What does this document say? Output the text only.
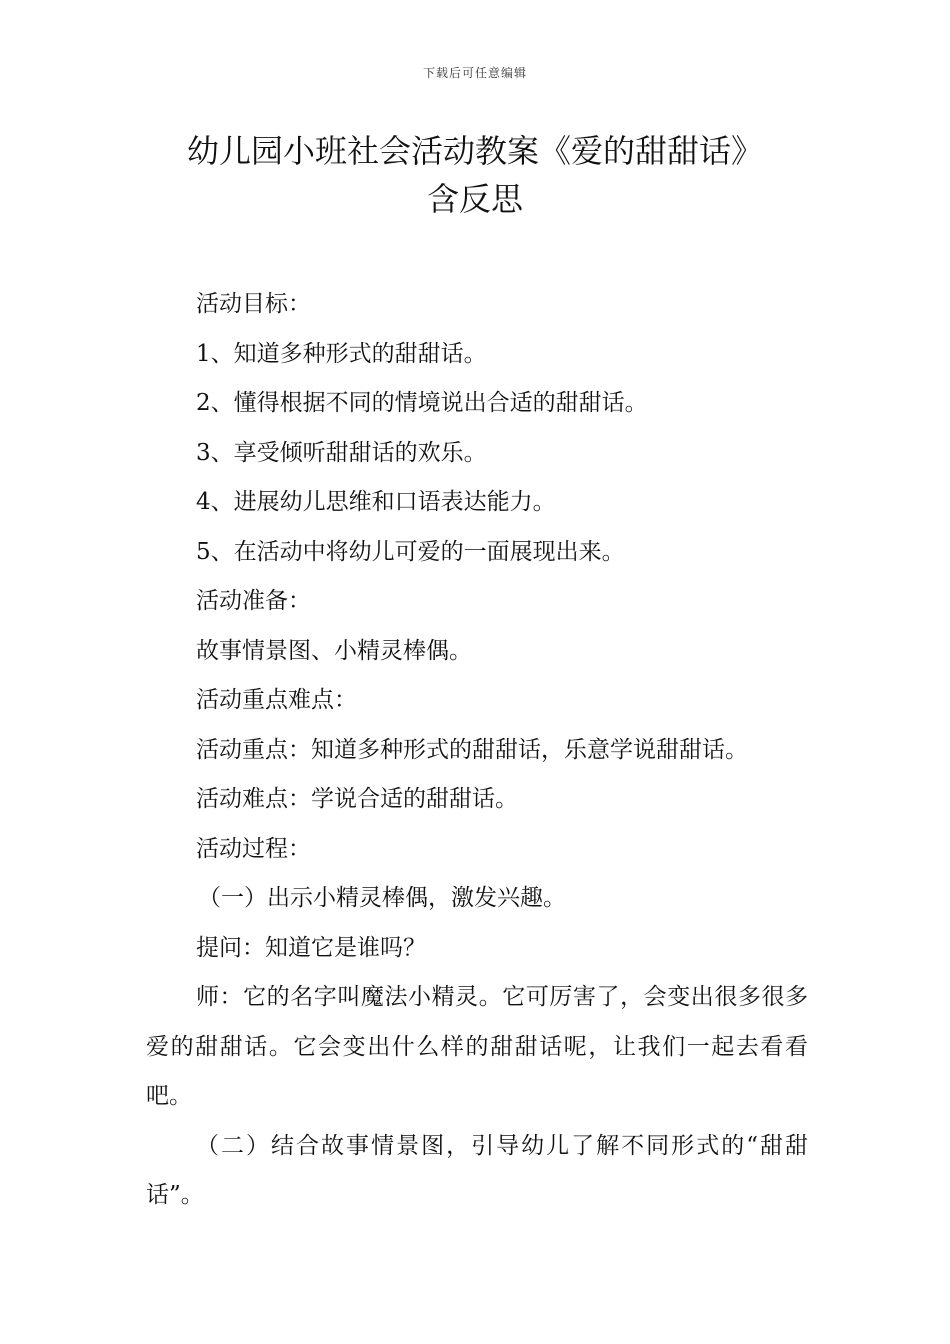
下载后可任意编辑
幼儿园小班社会活动教案《爱的甜甜话》
含反思
活动目标：
1、知道多种形式的甜甜话。
2、懂得根据不同的情境说出合适的甜甜话。
3、享受倾听甜甜话的欢乐。
4、进展幼儿思维和口语表达能力。
5、在活动中将幼儿可爱的一面展现出来。
活动准备：
故事情景图、小精灵棒偶。
活动重点难点：
活动重点：知道多种形式的甜甜话，乐意学说甜甜话。
活动难点：学说合适的甜甜话。
活动过程：
（一）出示小精灵棒偶，激发兴趣。
提问：知道它是谁吗？
师：它的名字叫魔法小精灵。它可厉害了，会变出很多很多爱的甜甜话。它会变出什么样的甜甜话呢，让我们一起去看看吧。
（二）结合故事情景图，引导幼儿了解不同形式的“甜甜话”。
